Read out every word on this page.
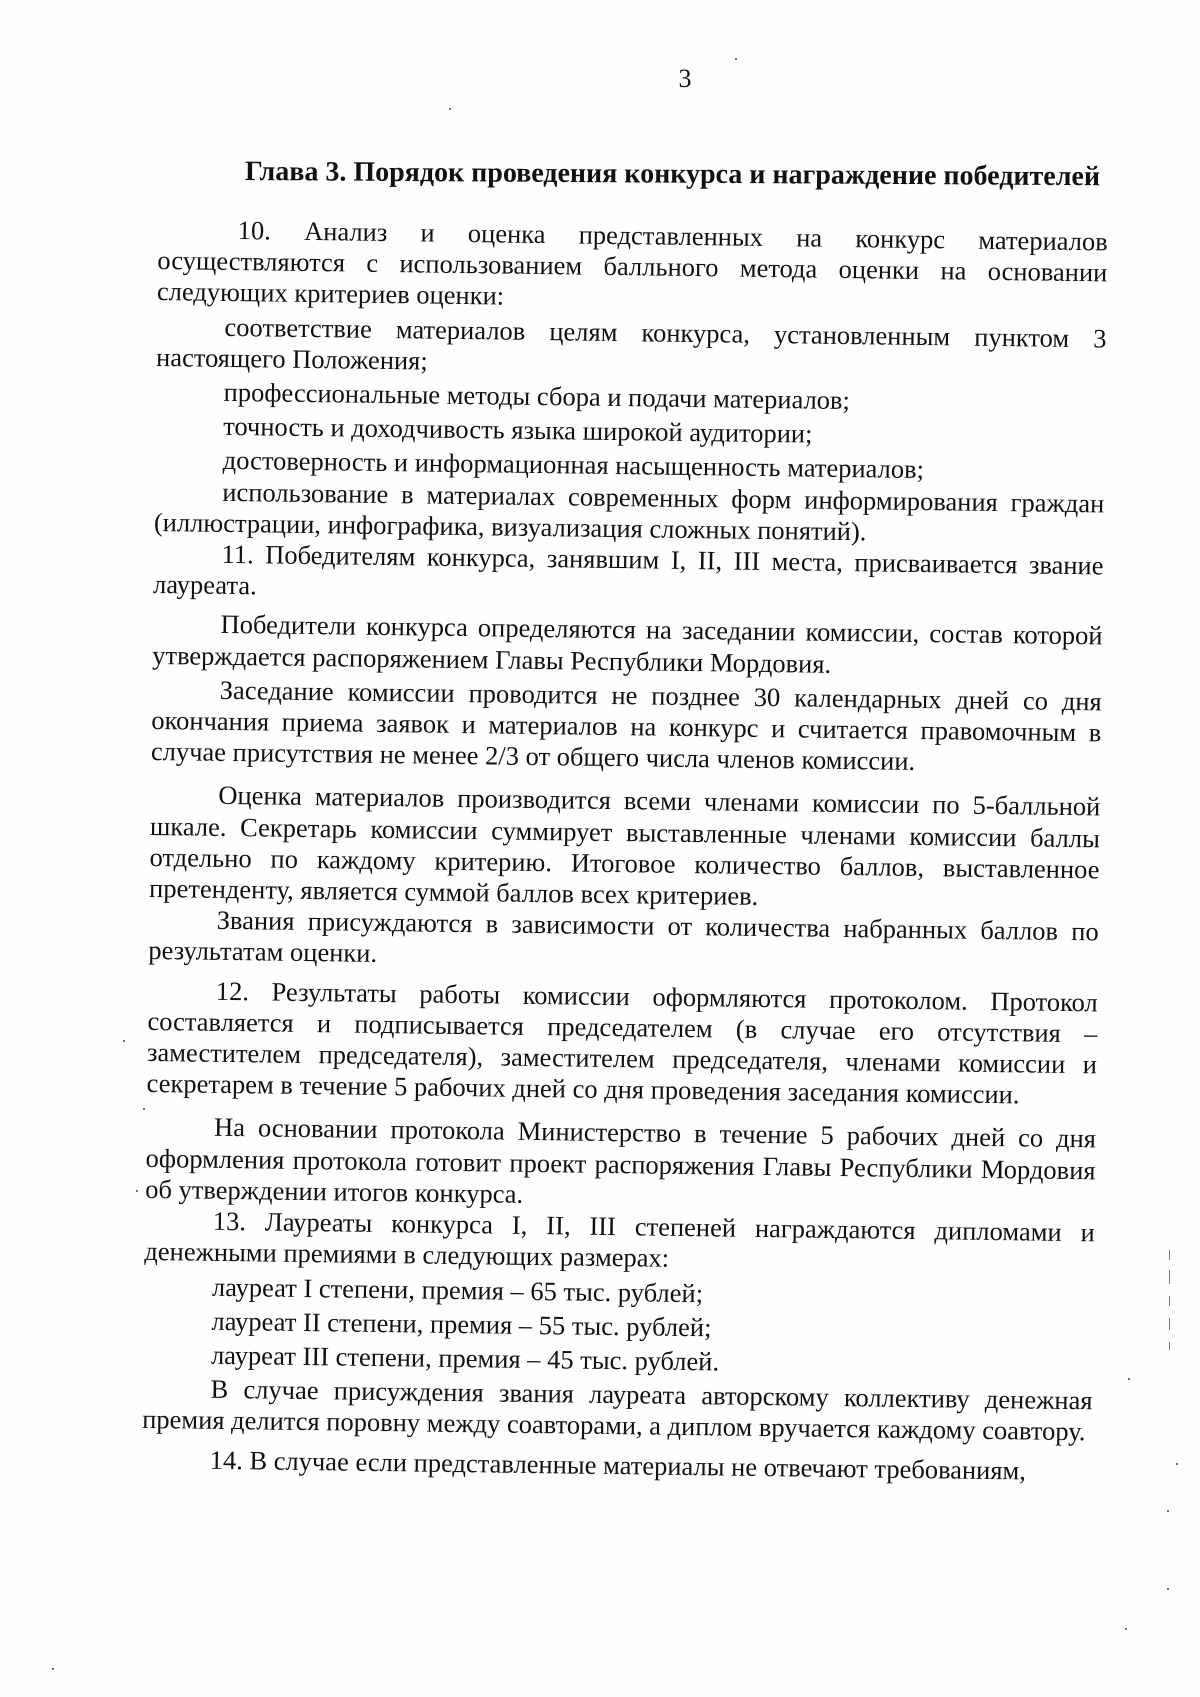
3
Глава 3. Порядок проведения конкурса и награждение победителей

10. Анализ и оценка представленных на конкурс материалов осуществляются с использованием балльного метода оценки на основании следующих критериев оценки:

соответствие материалов целям конкурса, установленным пунктом 3 настоящего Положения;

профессиональные методы сбора и подачи материалов;

точность и доходчивость языка широкой аудитории;

достоверность и информационная насыщенность материалов;

использование в материалах современных форм информирования граждан (иллюстрации, инфографика, визуализация сложных понятий).

11. Победителям конкурса, занявшим I, II, III места, присваивается звание лауреата.

Победители конкурса определяются на заседании комиссии, состав которой утверждается распоряжением Главы Республики Мордовия.

Заседание комиссии проводится не позднее 30 календарных дней со дня окончания приема заявок и материалов на конкурс и считается правомочным в случае присутствия не менее 2/3 от общего числа членов комиссии.

Оценка материалов производится всеми членами комиссии по 5-балльной шкале. Секретарь комиссии суммирует выставленные членами комиссии баллы отдельно по каждому критерию. Итоговое количество баллов, выставленное претенденту, является суммой баллов всех критериев.

Звания присуждаются в зависимости от количества набранных баллов по результатам оценки.

12. Результаты работы комиссии оформляются протоколом. Протокол составляется и подписывается председателем (в случае его отсутствия – заместителем председателя), заместителем председателя, членами комиссии и секретарем в течение 5 рабочих дней со дня проведения заседания комиссии.

На основании протокола Министерство в течение 5 рабочих дней со дня оформления протокола готовит проект распоряжения Главы Республики Мордовия об утверждении итогов конкурса.

13. Лауреаты конкурса I, II, III степеней награждаются дипломами и денежными премиями в следующих размерах:

лауреат I степени, премия – 65 тыс. рублей;

лауреат II степени, премия – 55 тыс. рублей;

лауреат III степени, премия – 45 тыс. рублей.

В случае присуждения звания лауреата авторскому коллективу денежная премия делится поровну между соавторами, а диплом вручается каждому соавтору.

14. В случае если представленные материалы не отвечают требованиям,
